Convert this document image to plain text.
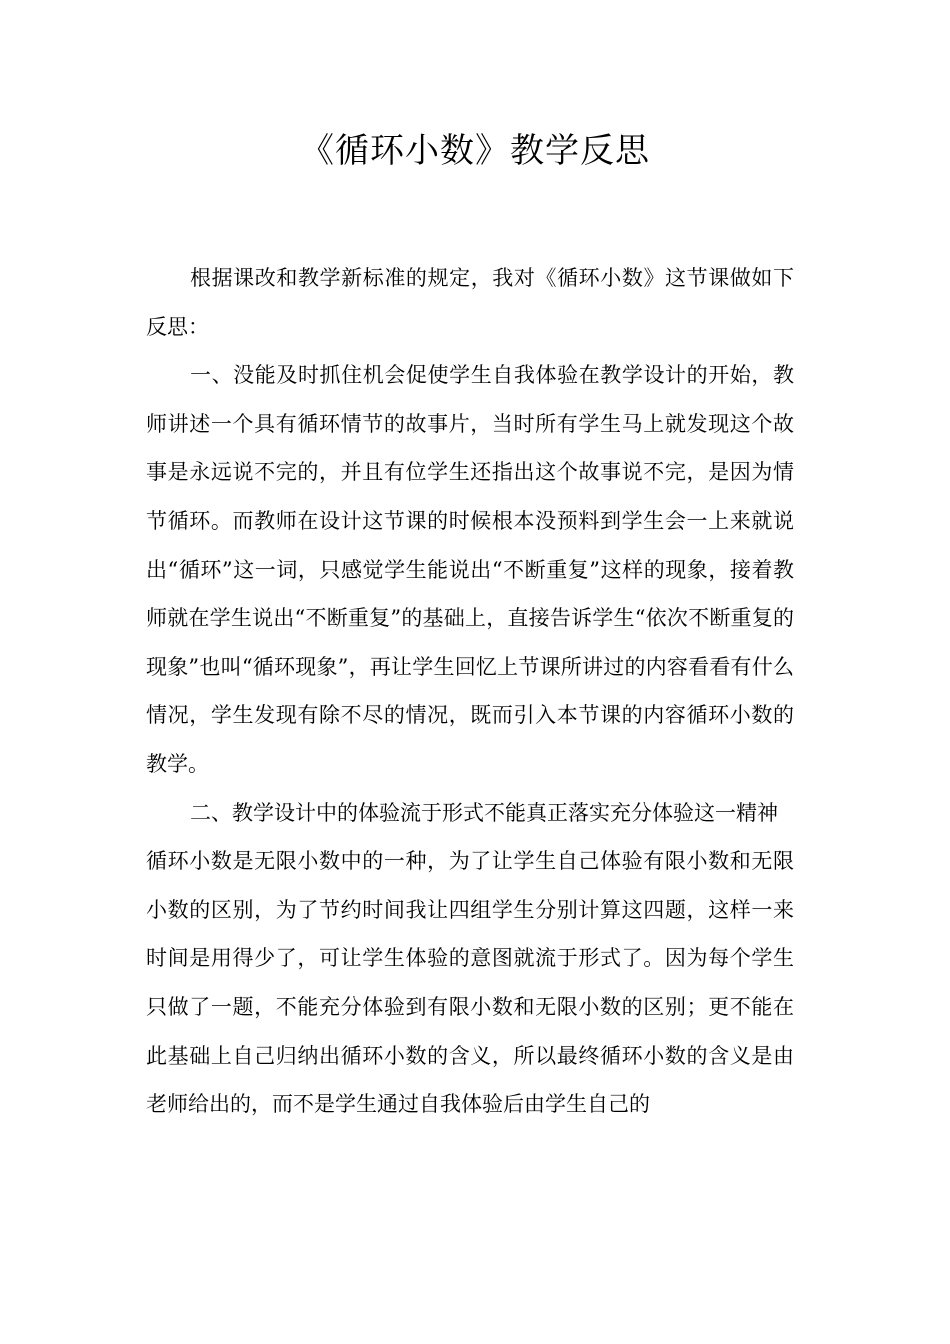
《循环小数》教学反思

根据课改和教学新标准的规定，我对《循环小数》这节课做如下反思：

一、没能及时抓住机会促使学生自我体验在教学设计的开始，教师讲述一个具有循环情节的故事片，当时所有学生马上就发现这个故事是永远说不完的，并且有位学生还指出这个故事说不完，是因为情节循环。而教师在设计这节课的时候根本没预料到学生会一上来就说出“循环”这一词，只感觉学生能说出“不断重复”这样的现象，接着教师就在学生说出“不断重复”的基础上，直接告诉学生“依次不断重复的现象”也叫“循环现象”，再让学生回忆上节课所讲过的内容看看有什么情况，学生发现有除不尽的情况，既而引入本节课的内容循环小数的教学。

二、教学设计中的体验流于形式不能真正落实充分体验这一精神

循环小数是无限小数中的一种，为了让学生自己体验有限小数和无限小数的区别，为了节约时间我让四组学生分别计算这四题，这样一来时间是用得少了，可让学生体验的意图就流于形式了。因为每个学生只做了一题，不能充分体验到有限小数和无限小数的区别；更不能在此基础上自己归纳出循环小数的含义，所以最终循环小数的含义是由老师给出的，而不是学生通过自我体验后由学生自己的
